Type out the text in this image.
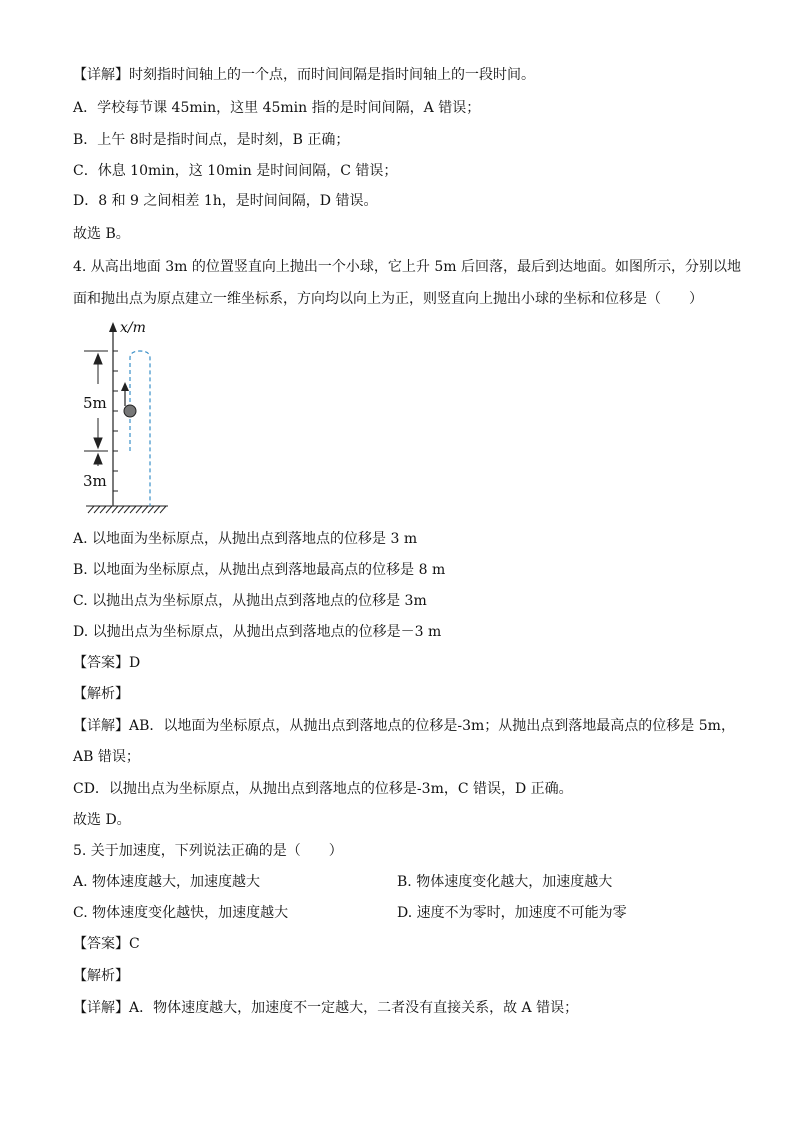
【详解】时刻指时间轴上的一个点，而时间间隔是指时间轴上的一段时间。
A．学校每节课 45min，这里 45min 指的是时间间隔，A 错误；
B．上午 8时是指时间点，是时刻，B 正确；
C．休息 10min，这 10min 是时间间隔，C 错误；
D．8 和 9 之间相差 1h，是时间间隔，D 错误。
故选 B。
4. 从高出地面 3m 的位置竖直向上抛出一个小球，它上升 5m 后回落，最后到达地面。如图所示，分别以地
面和抛出点为原点建立一维坐标系，方向均以向上为正，则竖直向上抛出小球的坐标和位移是（　　）
x/m
5m
3m
A. 以地面为坐标原点，从抛出点到落地点的位移是 3 m
B. 以地面为坐标原点，从抛出点到落地最高点的位移是 8 m
C. 以抛出点为坐标原点，从抛出点到落地点的位移是 3m
D. 以抛出点为坐标原点，从抛出点到落地点的位移是－3 m
【答案】D
【解析】
【详解】AB．以地面为坐标原点，从抛出点到落地点的位移是-3m；从抛出点到落地最高点的位移是 5m，
AB 错误；
CD．以抛出点为坐标原点，从抛出点到落地点的位移是-3m，C 错误，D 正确。
故选 D。
5. 关于加速度，下列说法正确的是（　　）
A. 物体速度越大，加速度越大	B. 物体速度变化越大，加速度越大
C. 物体速度变化越快，加速度越大	D. 速度不为零时，加速度不可能为零
【答案】C
【解析】
【详解】A．物体速度越大，加速度不一定越大，二者没有直接关系，故 A 错误；
